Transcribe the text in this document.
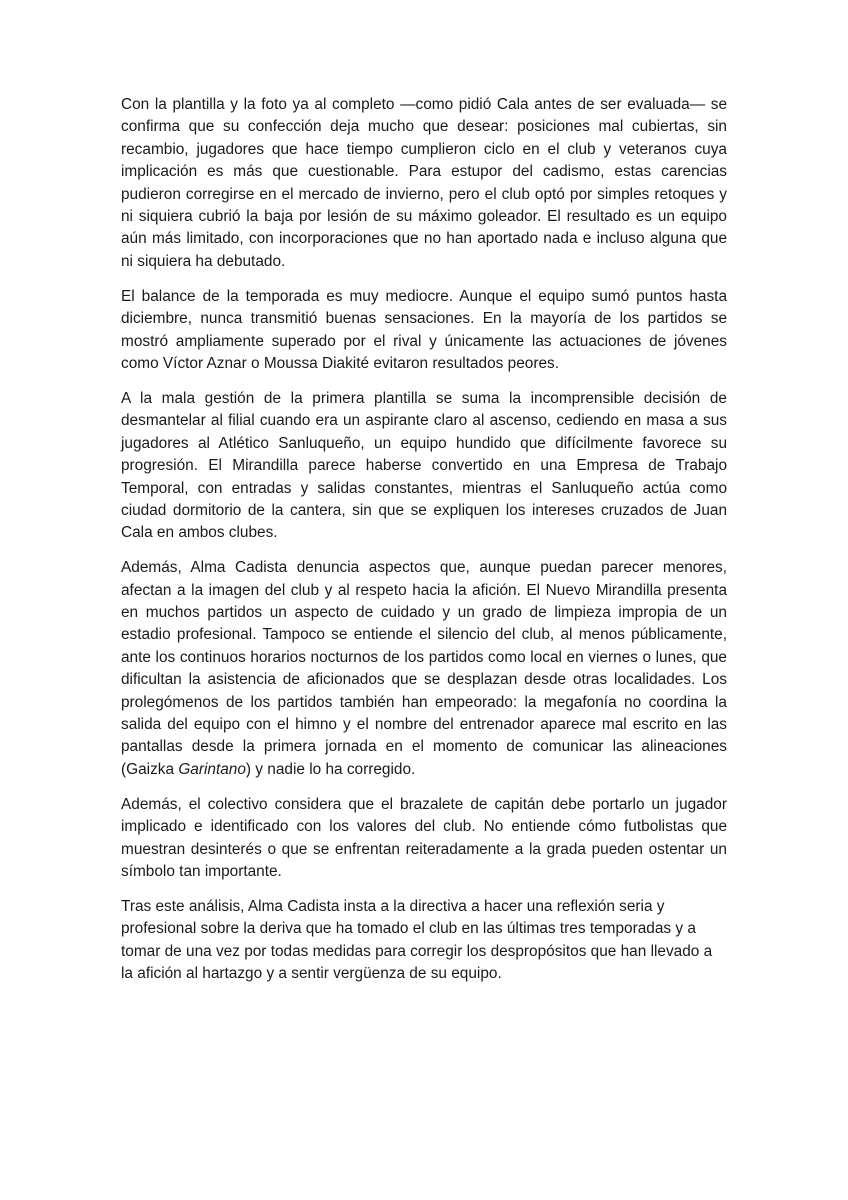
Con la plantilla y la foto ya al completo —como pidió Cala antes de ser evaluada— se confirma que su confección deja mucho que desear: posiciones mal cubiertas, sin recambio, jugadores que hace tiempo cumplieron ciclo en el club y veteranos cuya implicación es más que cuestionable. Para estupor del cadismo, estas carencias pudieron corregirse en el mercado de invierno, pero el club optó por simples retoques y ni siquiera cubrió la baja por lesión de su máximo goleador. El resultado es un equipo aún más limitado, con incorporaciones que no han aportado nada e incluso alguna que ni siquiera ha debutado.

El balance de la temporada es muy mediocre. Aunque el equipo sumó puntos hasta diciembre, nunca transmitió buenas sensaciones. En la mayoría de los partidos se mostró ampliamente superado por el rival y únicamente las actuaciones de jóvenes como Víctor Aznar o Moussa Diakité evitaron resultados peores.

A la mala gestión de la primera plantilla se suma la incomprensible decisión de desmantelar al filial cuando era un aspirante claro al ascenso, cediendo en masa a sus jugadores al Atlético Sanluqueño, un equipo hundido que difícilmente favorece su progresión. El Mirandilla parece haberse convertido en una Empresa de Trabajo Temporal, con entradas y salidas constantes, mientras el Sanluqueño actúa como ciudad dormitorio de la cantera, sin que se expliquen los intereses cruzados de Juan Cala en ambos clubes.

Además, Alma Cadista denuncia aspectos que, aunque puedan parecer menores, afectan a la imagen del club y al respeto hacia la afición. El Nuevo Mirandilla presenta en muchos partidos un aspecto de cuidado y un grado de limpieza impropia de un estadio profesional. Tampoco se entiende el silencio del club, al menos públicamente, ante los continuos horarios nocturnos de los partidos como local en viernes o lunes, que dificultan la asistencia de aficionados que se desplazan desde otras localidades. Los prolegómenos de los partidos también han empeorado: la megafonía no coordina la salida del equipo con el himno y el nombre del entrenador aparece mal escrito en las pantallas desde la primera jornada en el momento de comunicar las alineaciones (Gaizka Garintano) y nadie lo ha corregido.

Además, el colectivo considera que el brazalete de capitán debe portarlo un jugador implicado e identificado con los valores del club. No entiende cómo futbolistas que muestran desinterés o que se enfrentan reiteradamente a la grada pueden ostentar un símbolo tan importante.

Tras este análisis, Alma Cadista insta a la directiva a hacer una reflexión seria y profesional sobre la deriva que ha tomado el club en las últimas tres temporadas y a tomar de una vez por todas medidas para corregir los despropósitos que han llevado a la afición al hartazgo y a sentir vergüenza de su equipo.
